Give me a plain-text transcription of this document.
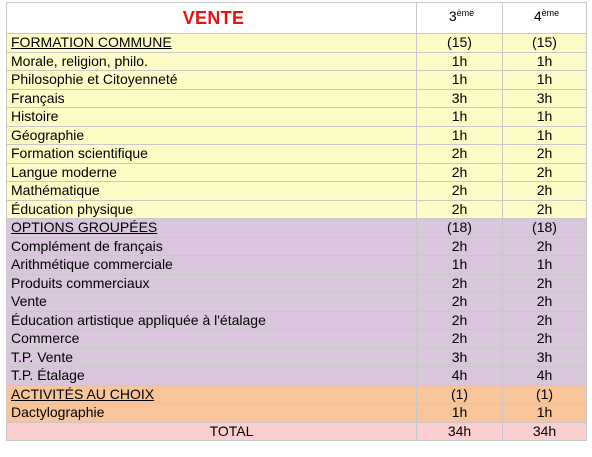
VENTE	3ème	4ème
FORMATION COMMUNE	(15)	(15)
Morale, religion, philo.	1h	1h
Philosophie et Citoyenneté	1h	1h
Français	3h	3h
Histoire	1h	1h
Géographie	1h	1h
Formation scientifique	2h	2h
Langue moderne	2h	2h
Mathématique	2h	2h
Éducation physique	2h	2h
OPTIONS GROUPÉES	(18)	(18)
Complément de français	2h	2h
Arithmétique commerciale	1h	1h
Produits commerciaux	2h	2h
Vente	2h	2h
Éducation artistique appliquée à l'étalage	2h	2h
Commerce	2h	2h
T.P. Vente	3h	3h
T.P. Étalage	4h	4h
ACTIVITÉS AU CHOIX	(1)	(1)
Dactylographie	1h	1h
TOTAL	34h	34h
